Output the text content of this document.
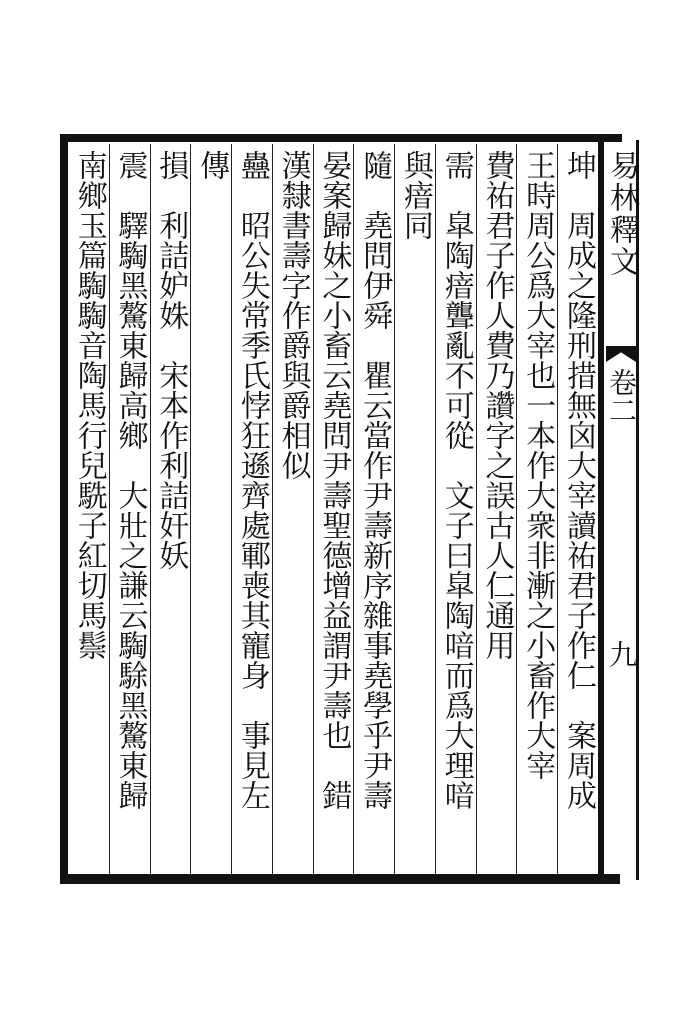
易林釋文
卷二
九
坤　周成之隆刑措無囟大宰讀祐君子作仁　案周成
王時周公爲大宰也一本作大衆非漸之小畜作大宰
費祐君子作人費乃讚字之誤古人仁通用
需　皐陶瘖聾亂不可從　文子曰皐陶喑而爲大理喑
與瘖同
隨　堯問伊舜　瞿云當作尹壽新序雜事堯學乎尹壽
晏案歸妹之小畜云堯問尹壽聖德增益謂尹壽也　錯
漢隸書壽字作爵與爵相似
蠱　昭公失常季氏悖狂遜齊處鄆喪其寵身　事見左
傳
損　利詰妒姝　宋本作利詰奸妖
震　驛騊黑驁東歸高鄉　大壯之謙云騊駼黑驁東歸
南鄉玉篇騊騊音陶馬行兒駪子紅切馬鬃
